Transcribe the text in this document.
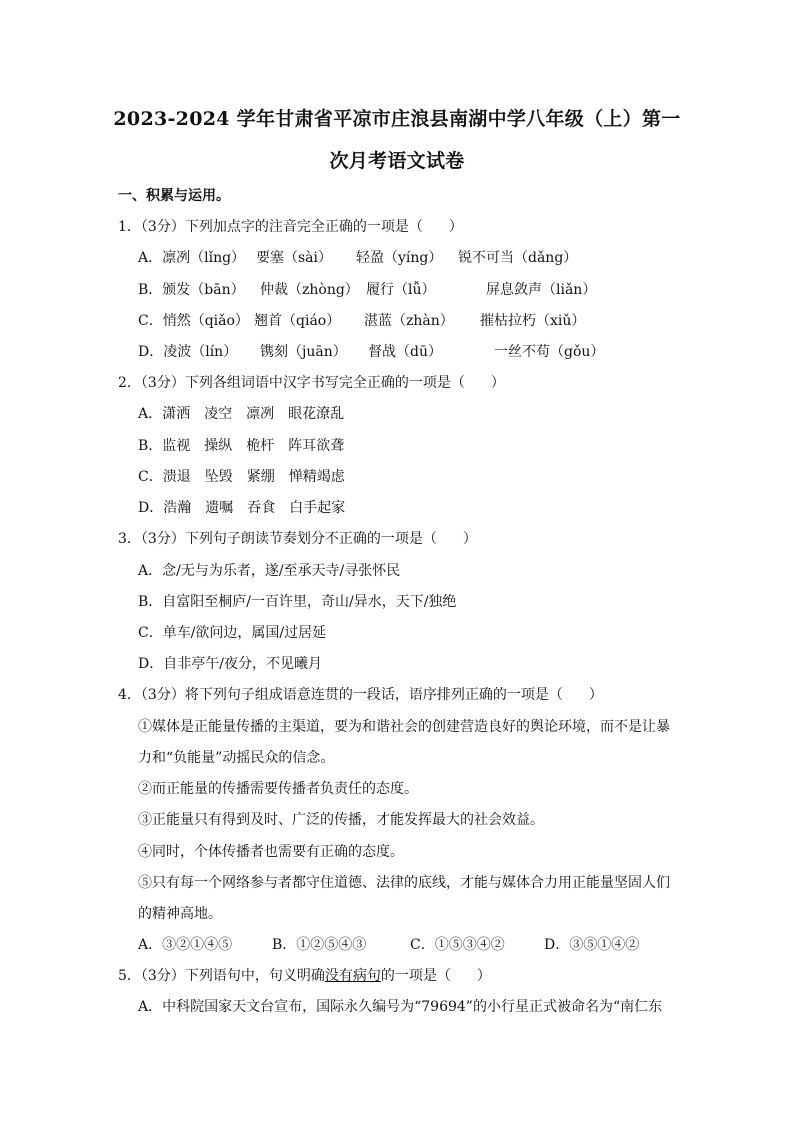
2023-2024 学年甘肃省平凉市庄浪县南湖中学八年级（上）第一
次月考语文试卷
一、积累与运用。
1．（3分）下列加点字的注音完全正确的一项是（ ）
A．凛冽（lǐng） 要塞（sài） 轻盈（yíng） 锐不可当（dǎng）
B．颁发（bān） 仲裁（zhòng） 履行（lǚ）	屏息敛声（liǎn）
C．悄然（qiǎo） 翘首（qiáo） 湛蓝（zhàn） 摧枯拉朽（xiǔ）
D．凌波（lín） 镌刻（juān） 督战（dū）	一丝不苟（gǒu）
2．（3分）下列各组词语中汉字书写完全正确的一项是（ ）
A．潇洒　凌空　凛冽　眼花潦乱
B．监视　操纵　桅杆　阵耳欲聋
C．溃退　坠毁　紧绷　惮精竭虑
D．浩瀚　遗嘱　吞食　白手起家
3．（3分）下列句子朗读节奏划分不正确的一项是（ ）
A．念/无与为乐者，遂/至承天寺/寻张怀民
B．自富阳至桐庐/一百许里，奇山/异水，天下/独绝
C．单车/欲问边，属国/过居延
D．自非亭午/夜分，不见曦月
4．（3分）将下列句子组成语意连贯的一段话，语序排列正确的一项是（ ）
①媒体是正能量传播的主渠道，要为和谐社会的创建营造良好的舆论环境，而不是让暴
力和“负能量”动摇民众的信念。
②而正能量的传播需要传播者负责任的态度。
③正能量只有得到及时、广泛的传播，才能发挥最大的社会效益。
④同时，个体传播者也需要有正确的态度。
⑤只有每一个网络参与者都守住道德、法律的底线，才能与媒体合力用正能量坚固人们
的精神高地。
A．③②①④⑤	B．①②⑤④③	C．①⑤③④②	D．③⑤①④②
5．（3分）下列语句中，句义明确没有病句的一项是（ ）
A．中科院国家天文台宣布，国际永久编号为“79694”的小行星正式被命名为“南仁东
